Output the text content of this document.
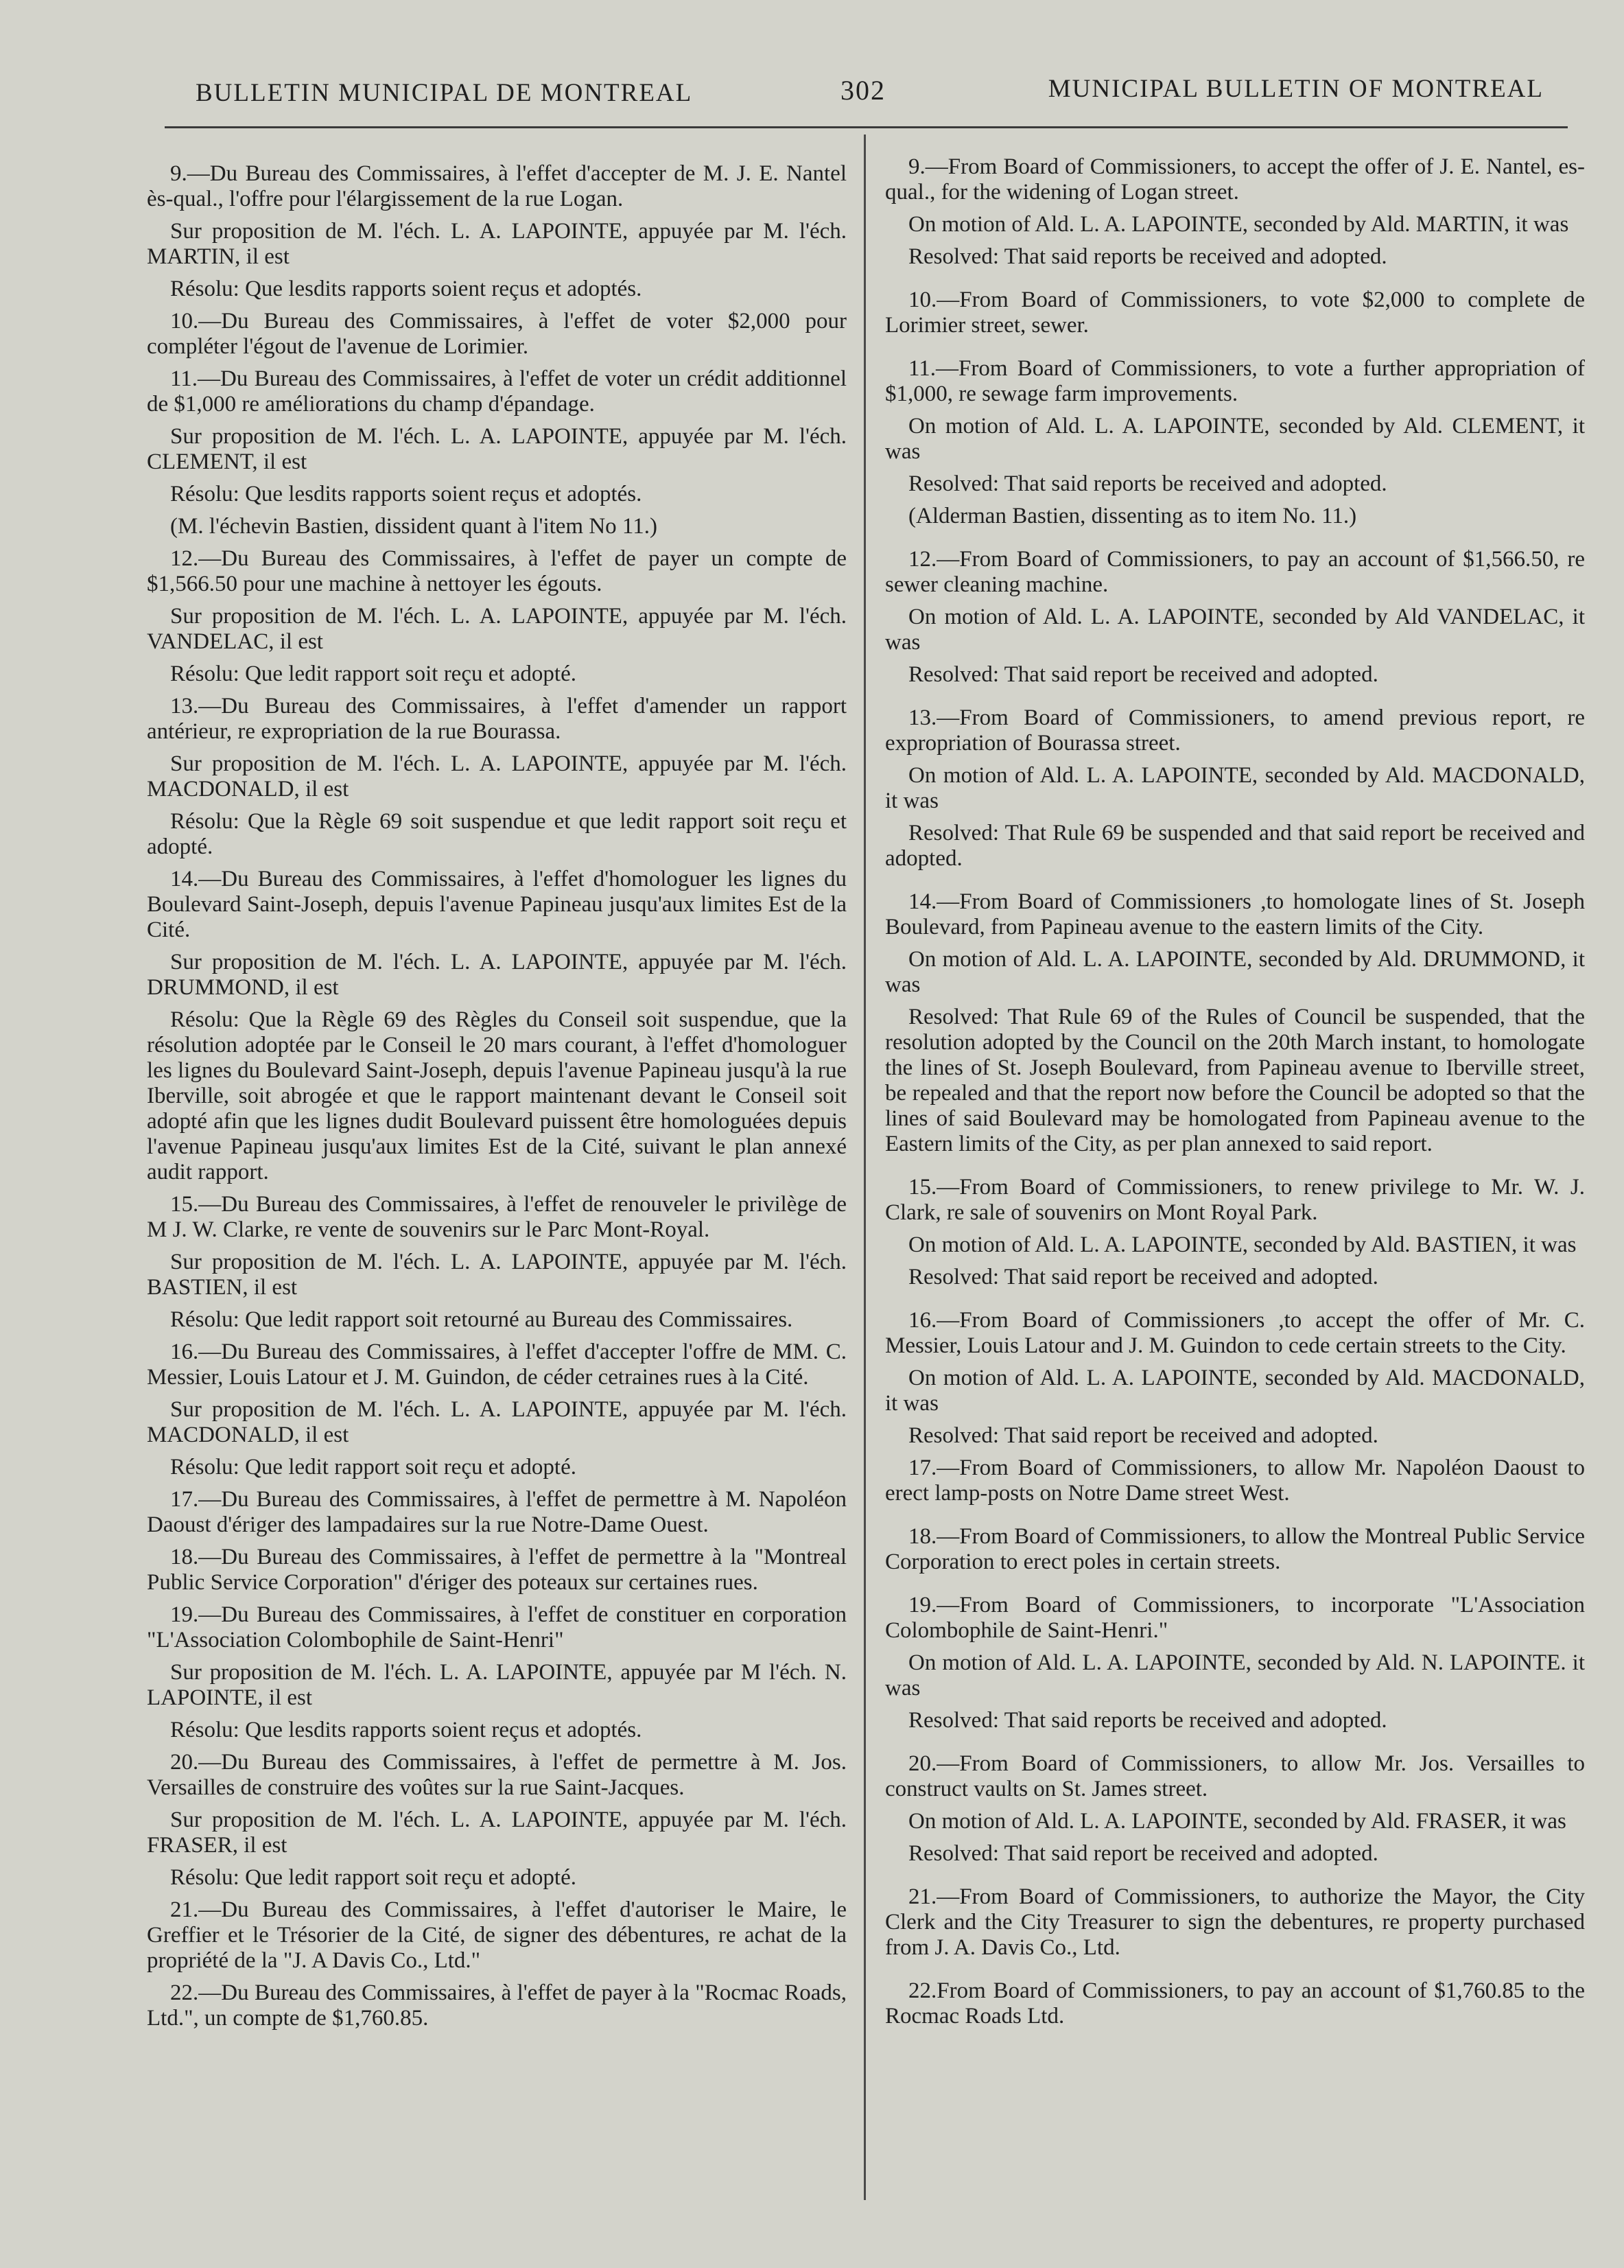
BULLETIN MUNICIPAL DE MONTREAL	302	MUNICIPAL BULLETIN OF MONTREAL

9.—Du Bureau des Commissaires, à l'effet d'accepter de M. J. E. Nantel ès-qual., l'offre pour l'élargissement de la rue Logan.

Sur proposition de M. l'éch. L. A. LAPOINTE, appuyée par M. l'éch. MARTIN, il est

Résolu: Que lesdits rapports soient reçus et adoptés.

10.—Du Bureau des Commissaires, à l'effet de voter $2,000 pour compléter l'égout de l'avenue de Lorimier.

11.—Du Bureau des Commissaires, à l'effet de voter un crédit additionnel de $1,000 re améliorations du champ d'épandage.

Sur proposition de M. l'éch. L. A. LAPOINTE, appuyée par M. l'éch. CLEMENT, il est

Résolu: Que lesdits rapports soient reçus et adoptés.

(M. l'échevin Bastien, dissident quant à l'item No 11.)

12.—Du Bureau des Commissaires, à l'effet de payer un compte de $1,566.50 pour une machine à nettoyer les égouts.

Sur proposition de M. l'éch. L. A. LAPOINTE, appuyée par M. l'éch. VANDELAC, il est

Résolu: Que ledit rapport soit reçu et adopté.

13.—Du Bureau des Commissaires, à l'effet d'amender un rapport antérieur, re expropriation de la rue Bourassa.

Sur proposition de M. l'éch. L. A. LAPOINTE, appuyée par M. l'éch. MACDONALD, il est

Résolu: Que la Règle 69 soit suspendue et que ledit rapport soit reçu et adopté.

14.—Du Bureau des Commissaires, à l'effet d'homologuer les lignes du Boulevard Saint-Joseph, depuis l'avenue Papineau jusqu'aux limites Est de la Cité.

Sur proposition de M. l'éch. L. A. LAPOINTE, appuyée par M. l'éch. DRUMMOND, il est

Résolu: Que la Règle 69 des Règles du Conseil soit suspendue, que la résolution adoptée par le Conseil le 20 mars courant, à l'effet d'homologuer les lignes du Boulevard Saint-Joseph, depuis l'avenue Papineau jusqu'à la rue Iberville, soit abrogée et que le rapport maintenant devant le Conseil soit adopté afin que les lignes dudit Boulevard puissent être homologuées depuis l'avenue Papineau jusqu'aux limites Est de la Cité, suivant le plan annexé audit rapport.

15.—Du Bureau des Commissaires, à l'effet de renouveler le privilège de M J. W. Clarke, re vente de souvenirs sur le Parc Mont-Royal.

Sur proposition de M. l'éch. L. A. LAPOINTE, appuyée par M. l'éch. BASTIEN, il est

Résolu: Que ledit rapport soit retourné au Bureau des Commissaires.

16.—Du Bureau des Commissaires, à l'effet d'accepter l'offre de MM. C. Messier, Louis Latour et J. M. Guindon, de céder cetraines rues à la Cité.

Sur proposition de M. l'éch. L. A. LAPOINTE, appuyée par M. l'éch. MACDONALD, il est

Résolu: Que ledit rapport soit reçu et adopté.

17.—Du Bureau des Commissaires, à l'effet de permettre à M. Napoléon Daoust d'ériger des lampadaires sur la rue Notre-Dame Ouest.

18.—Du Bureau des Commissaires, à l'effet de permettre à la "Montreal Public Service Corporation" d'ériger des poteaux sur certaines rues.

19.—Du Bureau des Commissaires, à l'effet de constituer en corporation "L'Association Colombophile de Saint-Henri"

Sur proposition de M. l'éch. L. A. LAPOINTE, appuyée par M l'éch. N. LAPOINTE, il est

Résolu: Que lesdits rapports soient reçus et adoptés.

20.—Du Bureau des Commissaires, à l'effet de permettre à M. Jos. Versailles de construire des voûtes sur la rue Saint-Jacques.

Sur proposition de M. l'éch. L. A. LAPOINTE, appuyée par M. l'éch. FRASER, il est

Résolu: Que ledit rapport soit reçu et adopté.

21.—Du Bureau des Commissaires, à l'effet d'autoriser le Maire, le Greffier et le Trésorier de la Cité, de signer des débentures, re achat de la propriété de la "J. A Davis Co., Ltd."

22.—Du Bureau des Commissaires, à l'effet de payer à la "Rocmac Roads, Ltd.", un compte de $1,760.85.

9.—From Board of Commissioners, to accept the offer of J. E. Nantel, es-qual., for the widening of Logan street.

On motion of Ald. L. A. LAPOINTE, seconded by Ald. MARTIN, it was

Resolved: That said reports be received and adopted.

10.—From Board of Commissioners, to vote $2,000 to complete de Lorimier street, sewer.

11.—From Board of Commissioners, to vote a further appropriation of $1,000, re sewage farm improvements.

On motion of Ald. L. A. LAPOINTE, seconded by Ald. CLEMENT, it was

Resolved: That said reports be received and adopted.

(Alderman Bastien, dissenting as to item No. 11.)

12.—From Board of Commissioners, to pay an account of $1,566.50, re sewer cleaning machine.

On motion of Ald. L. A. LAPOINTE, seconded by Ald VANDELAC, it was

Resolved: That said report be received and adopted.

13.—From Board of Commissioners, to amend previous report, re expropriation of Bourassa street.

On motion of Ald. L. A. LAPOINTE, seconded by Ald. MACDONALD, it was

Resolved: That Rule 69 be suspended and that said report be received and adopted.

14.—From Board of Commissioners ,to homologate lines of St. Joseph Boulevard, from Papineau avenue to the eastern limits of the City.

On motion of Ald. L. A. LAPOINTE, seconded by Ald. DRUMMOND, it was

Resolved: That Rule 69 of the Rules of Council be suspended, that the resolution adopted by the Council on the 20th March instant, to homologate the lines of St. Joseph Boulevard, from Papineau avenue to Iberville street, be repealed and that the report now before the Council be adopted so that the lines of said Boulevard may be homologated from Papineau avenue to the Eastern limits of the City, as per plan annexed to said report.

15.—From Board of Commissioners, to renew privilege to Mr. W. J. Clark, re sale of souvenirs on Mont Royal Park.

On motion of Ald. L. A. LAPOINTE, seconded by Ald. BASTIEN, it was

Resolved: That said report be received and adopted.

16.—From Board of Commissioners ,to accept the offer of Mr. C. Messier, Louis Latour and J. M. Guindon to cede certain streets to the City.

On motion of Ald. L. A. LAPOINTE, seconded by Ald. MACDONALD, it was

Resolved: That said report be received and adopted.

17.—From Board of Commissioners, to allow Mr. Napoléon Daoust to erect lamp-posts on Notre Dame street West.

18.—From Board of Commissioners, to allow the Montreal Public Service Corporation to erect poles in certain streets.

19.—From Board of Commissioners, to incorporate "L'Association Colombophile de Saint-Henri."

On motion of Ald. L. A. LAPOINTE, seconded by Ald. N. LAPOINTE. it was

Resolved: That said reports be received and adopted.

20.—From Board of Commissioners, to allow Mr. Jos. Versailles to construct vaults on St. James street.

On motion of Ald. L. A. LAPOINTE, seconded by Ald. FRASER, it was

Resolved: That said report be received and adopted.

21.—From Board of Commissioners, to authorize the Mayor, the City Clerk and the City Treasurer to sign the debentures, re property purchased from J. A. Davis Co., Ltd.

22.From Board of Commissioners, to pay an account of $1,760.85 to the Rocmac Roads Ltd.
